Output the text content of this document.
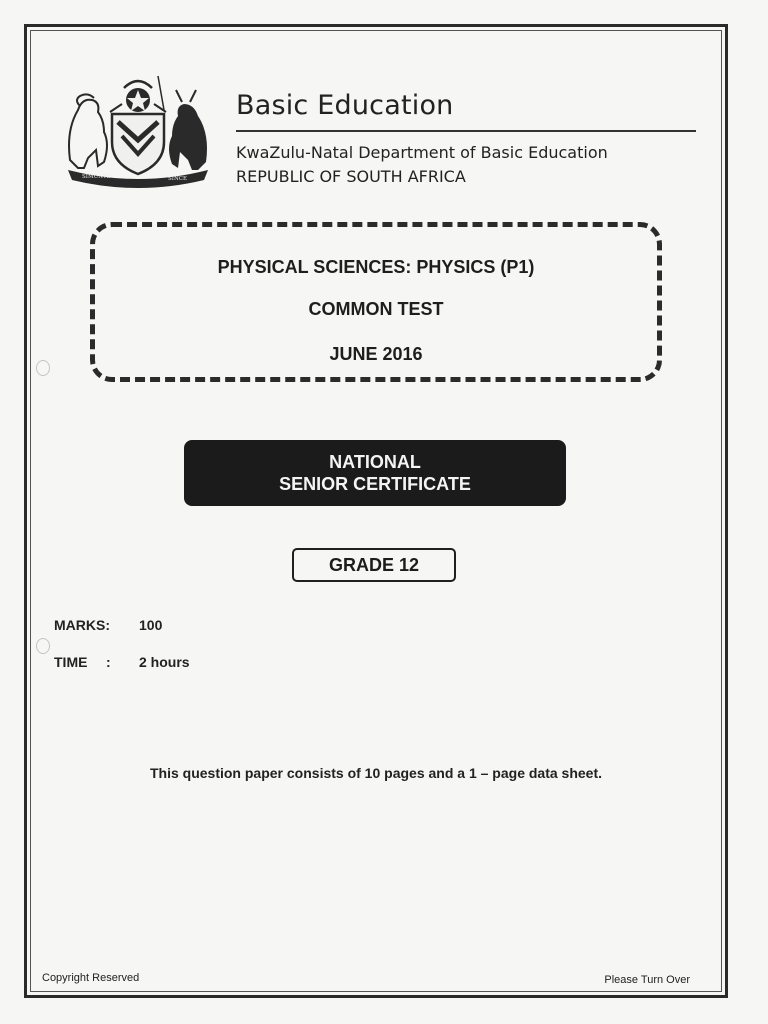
SIMUNYE	SINCE
Basic Education
KwaZulu-Natal Department of Basic Education
REPUBLIC OF SOUTH AFRICA
PHYSICAL SCIENCES: PHYSICS (P1)
COMMON TEST
JUNE 2016
NATIONAL
SENIOR CERTIFICATE
GRADE 12
MARKS: 100
TIME : 2 hours
This question paper consists of 10 pages and a 1 – page data sheet.
Copyright Reserved	Please Turn Over
